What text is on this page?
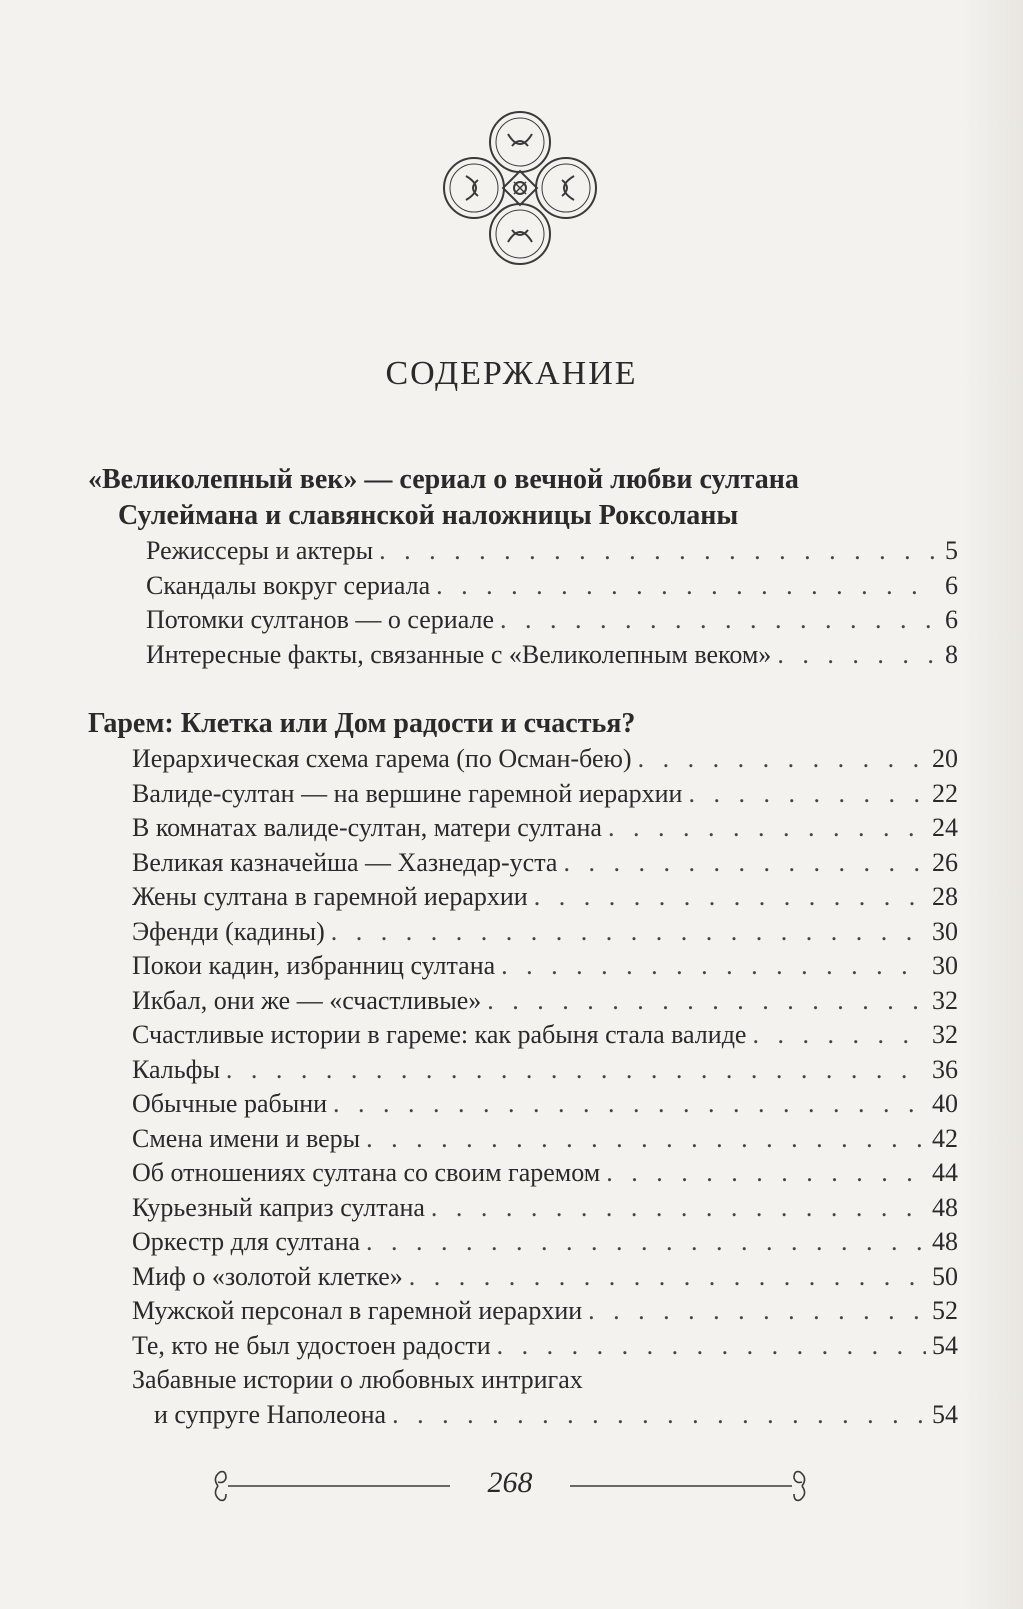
СОДЕРЖАНИЕ
«Великолепный век» — сериал о вечной любви султана
Сулеймана и славянской наложницы Роксоланы
Режиссеры и актеры . . .	5
Скандалы вокруг сериала . . .	6
Потомки султанов — о сериале . . .	6
Интересные факты, связанные с «Великолепным веком» . . .	8
Гарем: Клетка или Дом радости и счастья?
Иерархическая схема гарема (по Осман-бею) . . .	20
Валиде-султан — на вершине гаремной иерархии . . .	22
В комнатах валиде-султан, матери султана . . .	24
Великая казначейша — Хазнедар-уста . . .	26
Жены султана в гаремной иерархии . . .	28
Эфенди (кадины) . . .	30
Покои кадин, избранниц султана . . .	30
Икбал, они же — «счастливые» . . .	32
Счастливые истории в гареме: как рабыня стала валиде . . .	32
Кальфы . . .	36
Обычные рабыни . . .	40
Смена имени и веры . . .	42
Об отношениях султана со своим гаремом . . .	44
Курьезный каприз султана . . .	48
Оркестр для султана . . .	48
Миф о «золотой клетке» . . .	50
Мужской персонал в гаремной иерархии . . .	52
Те, кто не был удостоен радости . . .	54
Забавные истории о любовных интригах
и супруге Наполеона . . .	54
268
